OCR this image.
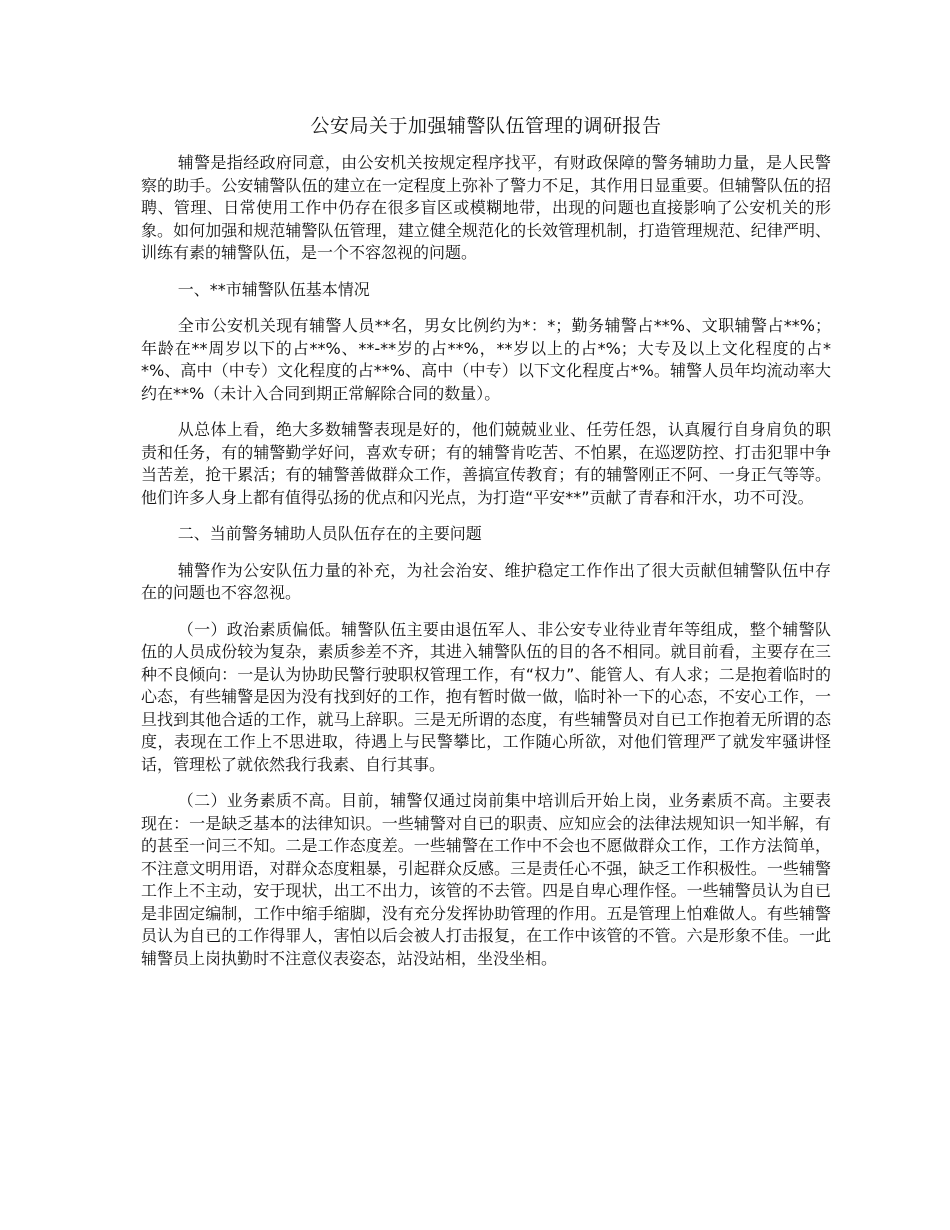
公安局关于加强辅警队伍管理的调研报告
辅警是指经政府同意，由公安机关按规定程序找平，有财政保障的警务辅助力量，是人民警察的助手。公安辅警队伍的建立在一定程度上弥补了警力不足，其作用日显重要。但辅警队伍的招聘、管理、日常使用工作中仍存在很多盲区或模糊地带，出现的问题也直接影响了公安机关的形象。如何加强和规范辅警队伍管理，建立健全规范化的长效管理机制，打造管理规范、纪律严明、训练有素的辅警队伍，是一个不容忽视的问题。
一、**市辅警队伍基本情况
全市公安机关现有辅警人员**名，男女比例约为*：*；勤务辅警占**%、文职辅警占**%；年龄在**周岁以下的占**%、**-**岁的占**%，**岁以上的占*%；大专及以上文化程度的占**%、高中（中专）文化程度的占**%、高中（中专）以下文化程度占*%。辅警人员年均流动率大约在**%（未计入合同到期正常解除合同的数量）。
从总体上看，绝大多数辅警表现是好的，他们兢兢业业、任劳任怨，认真履行自身肩负的职责和任务，有的辅警勤学好问，喜欢专研；有的辅警肯吃苦、不怕累，在巡逻防控、打击犯罪中争当苦差，抢干累活；有的辅警善做群众工作，善搞宣传教育；有的辅警刚正不阿、一身正气等等。他们许多人身上都有值得弘扬的优点和闪光点，为打造“平安**”贡献了青春和汗水，功不可没。
二、当前警务辅助人员队伍存在的主要问题
辅警作为公安队伍力量的补充，为社会治安、维护稳定工作作出了很大贡献但辅警队伍中存在的问题也不容忽视。
（一）政治素质偏低。辅警队伍主要由退伍军人、非公安专业待业青年等组成，整个辅警队伍的人员成份较为复杂，素质参差不齐，其进入辅警队伍的目的各不相同。就目前看，主要存在三种不良倾向：一是认为协助民警行驶职权管理工作，有“权力”、能管人、有人求；二是抱着临时的心态，有些辅警是因为没有找到好的工作，抱有暂时做一做，临时补一下的心态，不安心工作，一旦找到其他合适的工作，就马上辞职。三是无所谓的态度，有些辅警员对自已工作抱着无所谓的态度，表现在工作上不思进取，待遇上与民警攀比，工作随心所欲，对他们管理严了就发牢骚讲怪话，管理松了就依然我行我素、自行其事。
（二）业务素质不高。目前，辅警仅通过岗前集中培训后开始上岗，业务素质不高。主要表现在：一是缺乏基本的法律知识。一些辅警对自已的职责、应知应会的法律法规知识一知半解，有的甚至一问三不知。二是工作态度差。一些辅警在工作中不会也不愿做群众工作，工作方法简单，不注意文明用语，对群众态度粗暴，引起群众反感。三是责任心不强，缺乏工作积极性。一些辅警工作上不主动，安于现状，出工不出力，该管的不去管。四是自卑心理作怪。一些辅警员认为自已是非固定编制，工作中缩手缩脚，没有充分发挥协助管理的作用。五是管理上怕难做人。有些辅警员认为自已的工作得罪人，害怕以后会被人打击报复，在工作中该管的不管。六是形象不佳。一此辅警员上岗执勤时不注意仪表姿态，站没站相，坐没坐相。
